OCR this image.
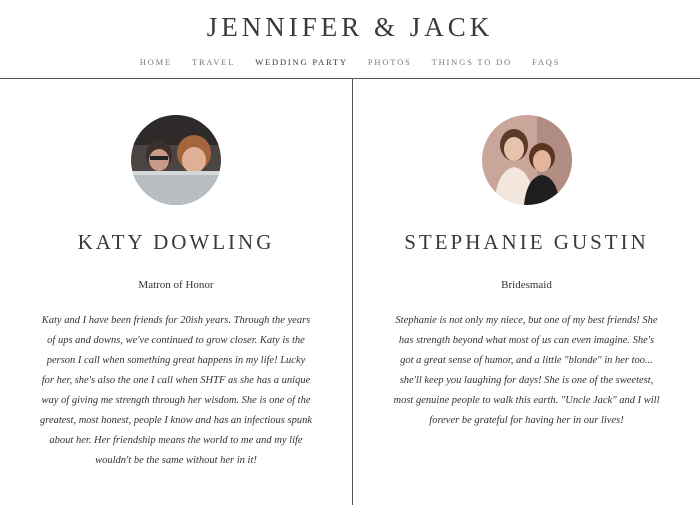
JENNIFER & JACK
HOME TRAVEL WEDDING PARTY PHOTOS THINGS TO DO FAQS
KATY DOWLING
Matron of Honor
Katy and I have been friends for 20ish years. Through the years of ups and downs, we've continued to grow closer. Katy is the person I call when something great happens in my life! Lucky for her, she's also the one I call when SHTF as she has a unique way of giving me strength through her wisdom. She is one of the greatest, most honest, people I know and has an infectious spunk about her. Her friendship means the world to me and my life wouldn't be the same without her in it!
STEPHANIE GUSTIN
Bridesmaid
Stephanie is not only my niece, but one of my best friends! She has strength beyond what most of us can even imagine. She's got a great sense of humor, and a little "blonde" in her too... she'll keep you laughing for days! She is one of the sweetest, most genuine people to walk this earth. "Uncle Jack" and I will forever be grateful for having her in our lives!
